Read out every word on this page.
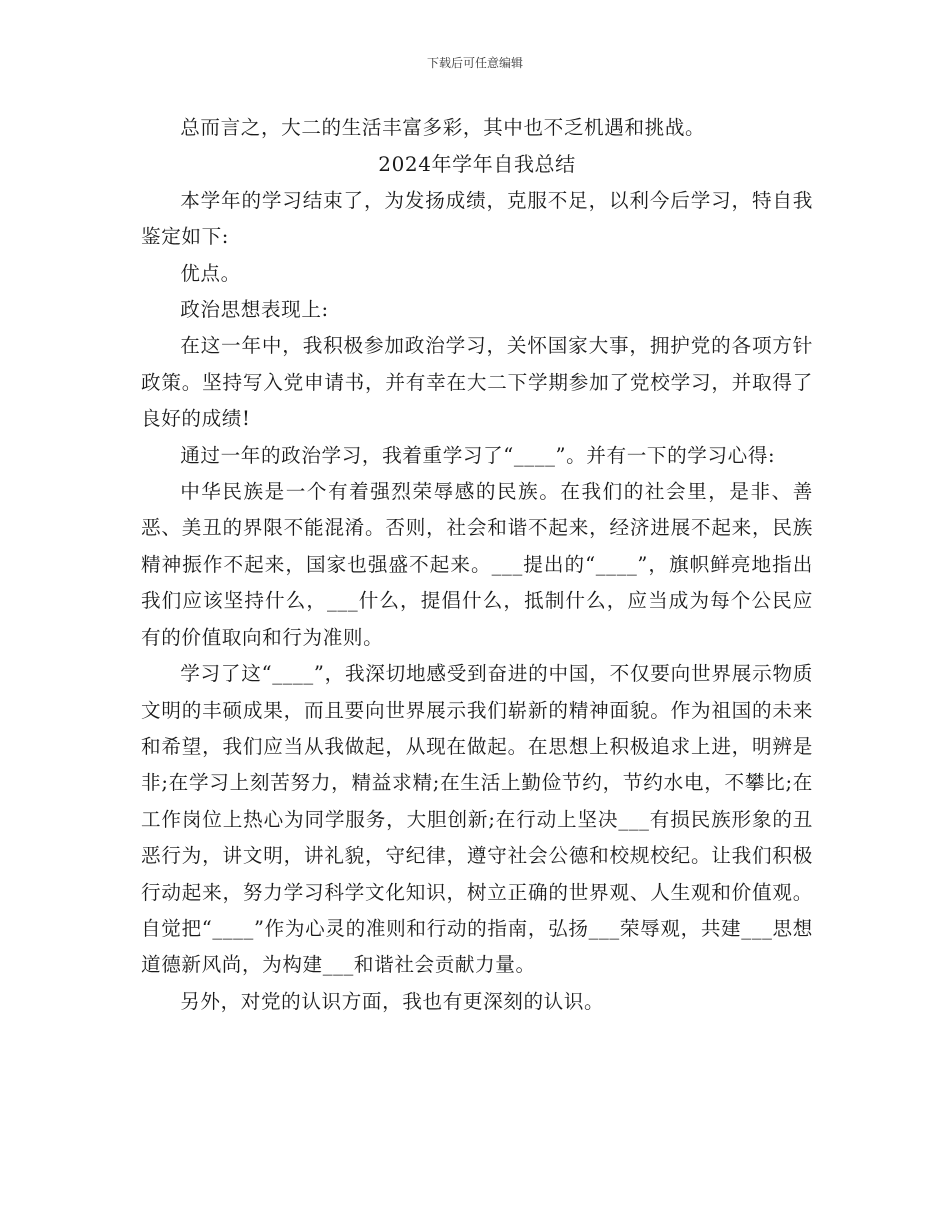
下载后可任意编辑

总而言之，大二的生活丰富多彩，其中也不乏机遇和挑战。

2024年学年自我总结

本学年的学习结束了，为发扬成绩，克服不足，以利今后学习，特自我鉴定如下:

优点。

政治思想表现上:

在这一年中，我积极参加政治学习，关怀国家大事，拥护党的各项方针政策。坚持写入党申请书，并有幸在大二下学期参加了党校学习，并取得了良好的成绩!

通过一年的政治学习，我着重学习了“____”。并有一下的学习心得:

中华民族是一个有着强烈荣辱感的民族。在我们的社会里，是非、善恶、美丑的界限不能混淆。否则，社会和谐不起来，经济进展不起来，民族精神振作不起来，国家也强盛不起来。___提出的“____”，旗帜鲜亮地指出我们应该坚持什么，___什么，提倡什么，抵制什么，应当成为每个公民应有的价值取向和行为准则。

学习了这“____”，我深切地感受到奋进的中国，不仅要向世界展示物质文明的丰硕成果，而且要向世界展示我们崭新的精神面貌。作为祖国的未来和希望，我们应当从我做起，从现在做起。在思想上积极追求上进，明辨是非;在学习上刻苦努力，精益求精;在生活上勤俭节约，节约水电，不攀比;在工作岗位上热心为同学服务，大胆创新;在行动上坚决___有损民族形象的丑恶行为，讲文明，讲礼貌，守纪律，遵守社会公德和校规校纪。让我们积极行动起来，努力学习科学文化知识，树立正确的世界观、人生观和价值观。自觉把“____”作为心灵的准则和行动的指南，弘扬___荣辱观，共建___思想道德新风尚，为构建___和谐社会贡献力量。

另外，对党的认识方面，我也有更深刻的认识。
